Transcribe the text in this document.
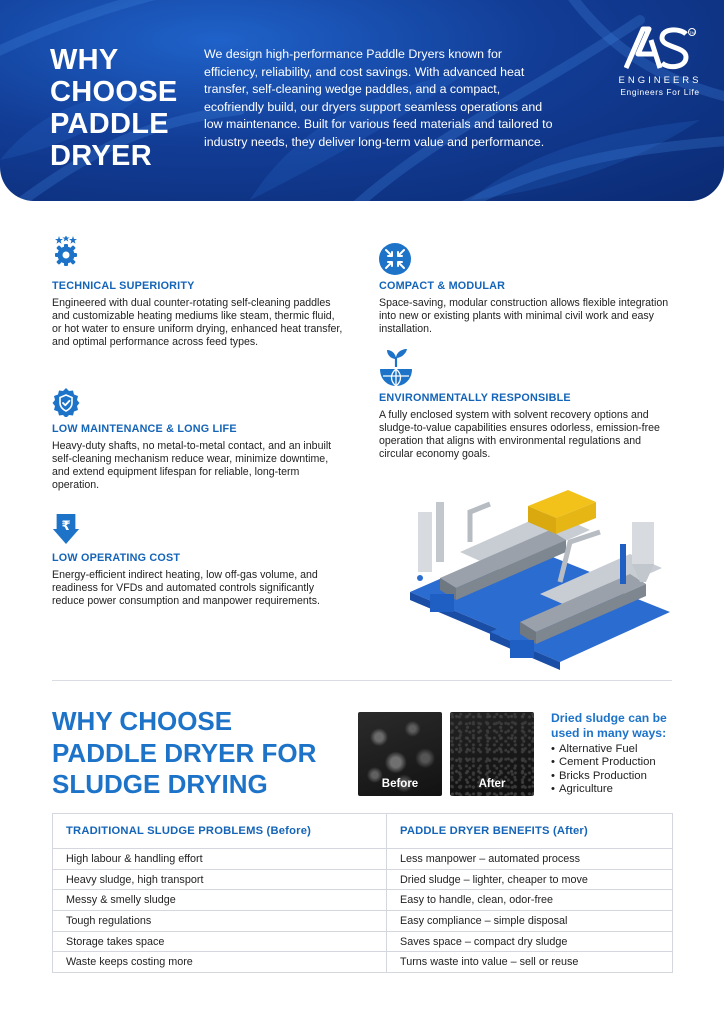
WHY
CHOOSE
PADDLE
DRYER

We design high-performance Paddle Dryers known for efficiency, reliability, and cost savings. With advanced heat transfer, self-cleaning wedge paddles, and a compact, ecofriendly build, our dryers support seamless operations and low maintenance. Built for various feed materials and tailored to industry needs, they deliver long-term value and performance.

TM
ENGINEERS
Engineers For Life
TECHNICAL SUPERIORITY

Engineered with dual counter-rotating self-cleaning paddles and customizable heating mediums like steam, thermic fluid, or hot water to ensure uniform drying, enhanced heat transfer, and optimal performance across feed types.

LOW MAINTENANCE & LONG LIFE

Heavy-duty shafts, no metal-to-metal contact, and an inbuilt self-cleaning mechanism reduce wear, minimize downtime, and extend equipment lifespan for reliable, long-term operation.

₹
LOW OPERATING COST

Energy-efficient indirect heating, low off-gas volume, and readiness for VFDs and automated controls significantly reduce power consumption and manpower requirements.

COMPACT & MODULAR

Space-saving, modular construction allows flexible integration into new or existing plants with minimal civil work and easy installation.

ENVIRONMENTALLY RESPONSIBLE

A fully enclosed system with solvent recovery options and sludge-to-value capabilities ensures odorless, emission-free operation that aligns with environmental regulations and circular economy goals.

WHY CHOOSE
PADDLE DRYER FOR
SLUDGE DRYING	Before	After
Dried sludge can be used in many ways:
• Alternative Fuel
• Cement Production
• Bricks Production
• Agriculture
TRADITIONAL SLUDGE PROBLEMS (Before)	PADDLE DRYER BENEFITS (After)
High labour & handling effort	Less manpower – automated process
Heavy sludge, high transport	Dried sludge – lighter, cheaper to move
Messy & smelly sludge	Easy to handle, clean, odor-free
Tough regulations	Easy compliance – simple disposal
Storage takes space	Saves space – compact dry sludge
Waste keeps costing more	Turns waste into value – sell or reuse
